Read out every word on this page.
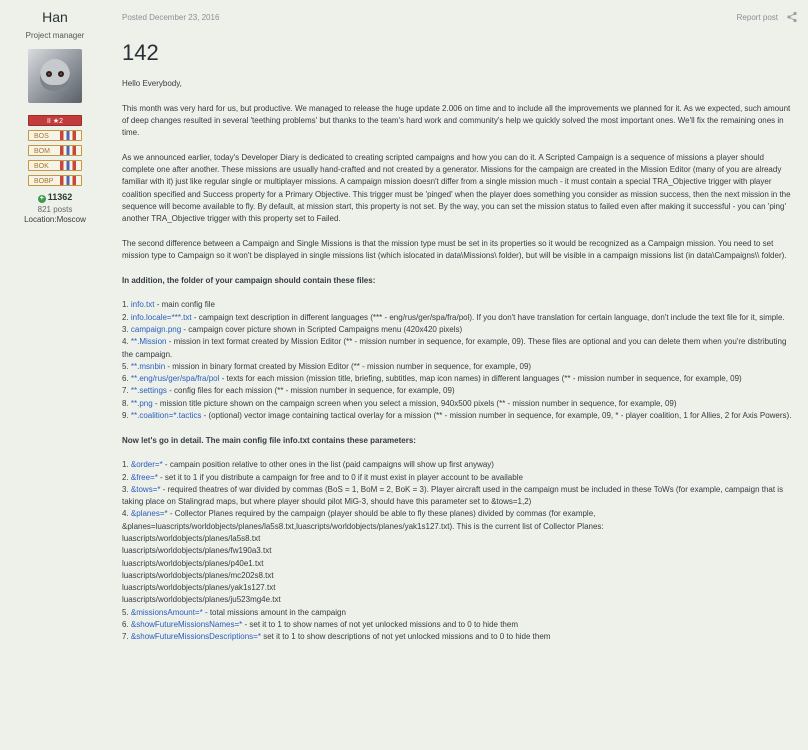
Han
Project manager
II ★2
BOS
BOM
BOK
BOBP
+ 11362
821 posts
Location:Moscow
Posted December 23, 2016	Report post
142

Hello Everybody,

This month was very hard for us, but productive. We managed to release the huge update 2.006 on time and to include all the improvements we planned for it. As we expected, such amount of deep changes resulted in several 'teething problems' but thanks to the team's hard work and community's help we quickly solved the most important ones. We'll fix the remaining ones in time.

As we announced earlier, today's Developer Diary is dedicated to creating scripted campaigns and how you can do it. A Scripted Campaign is a sequence of missions a player should complete one after another. These missions are usually hand-crafted and not created by a generator. Missions for the campaign are created in the Mission Editor (many of you are already familiar with it) just like regular single or multiplayer missions. A campaign mission doesn't differ from a single mission much - it must contain a special TRA_Objective trigger with player coalition specified and Success property for a Primary Objective. This trigger must be 'pinged' when the player does something you consider as mission success, then the next mission in the sequence will become available to fly. By default, at mission start, this property is not set. By the way, you can set the mission status to failed even after making it successful - you can 'ping' another TRA_Objective trigger with this property set to Failed.

The second difference between a Campaign and Single Missions is that the mission type must be set in its properties so it would be recognized as a Campaign mission. You need to set mission type to Campaign so it won't be displayed in single missions list (which islocated in data\Missions\ folder), but will be visible in a campaign missions list (in data\Campaigns\\ folder).

In addition, the folder of your campaign should contain these files:

1. info.txt - main config file

2. info.locale=***.txt - campaign text description in different languages (*** - eng/rus/ger/spa/fra/pol). If you don't have translation for certain language, don't include the text file for it, simple.

3. campaign.png - campaign cover picture shown in Scripted Campaigns menu (420x420 pixels)

4. **.Mission - mission in text format created by Mission Editor (** - mission number in sequence, for example, 09). These files are optional and you can delete them when you're distributing the campaign.

5. **.msnbin - mission in binary format created by Mission Editor (** - mission number in sequence, for example, 09)

6. **.eng/rus/ger/spa/fra/pol - texts for each mission (mission title, briefing, subtitles, map icon names) in different languages (** - mission number in sequence, for example, 09)

7. **.settings - config files for each mission (** - mission number in sequence, for example, 09)

8. **.png - mission title picture shown on the campaign screen when you select a mission, 940x500 pixels (** - mission number in sequence, for example, 09)

9. **.coalition=*.tactics - (optional) vector image containing tactical overlay for a mission (** - mission number in sequence, for example, 09, * - player coalition, 1 for Allies, 2 for Axis Powers).

Now let's go in detail. The main config file info.txt contains these parameters:

1. &order=* - campain position relative to other ones in the list (paid campaigns will show up first anyway)

2. &free=* - set it to 1 if you distribute a campaign for free and to 0 if it must exist in player account to be available

3. &tows=* - required theatres of war divided by commas (BoS = 1, BoM = 2, BoK = 3). Player aircraft used in the campaign must be included in these ToWs (for example, campaign that is taking place on Stalingrad maps, but where player should pilot MiG-3, should have this parameter set to &tows=1,2)

4. &planes=* - Collector Planes required by the campaign (player should be able to fly these planes) divided by commas (for example, &planes=luascripts/worldobjects/planes/la5s8.txt,luascripts/worldobjects/planes/yak1s127.txt). This is the current list of Collector Planes:

luascripts/worldobjects/planes/la5s8.txt

luascripts/worldobjects/planes/fw190a3.txt

luascripts/worldobjects/planes/p40e1.txt

luascripts/worldobjects/planes/mc202s8.txt

luascripts/worldobjects/planes/yak1s127.txt

luascripts/worldobjects/planes/ju523mg4e.txt

5. &missionsAmount=* - total missions amount in the campaign

6. &showFutureMissionsNames=* - set it to 1 to show names of not yet unlocked missions and to 0 to hide them

7. &showFutureMissionsDescriptions=* set it to 1 to show descriptions of not yet unlocked missions and to 0 to hide them
